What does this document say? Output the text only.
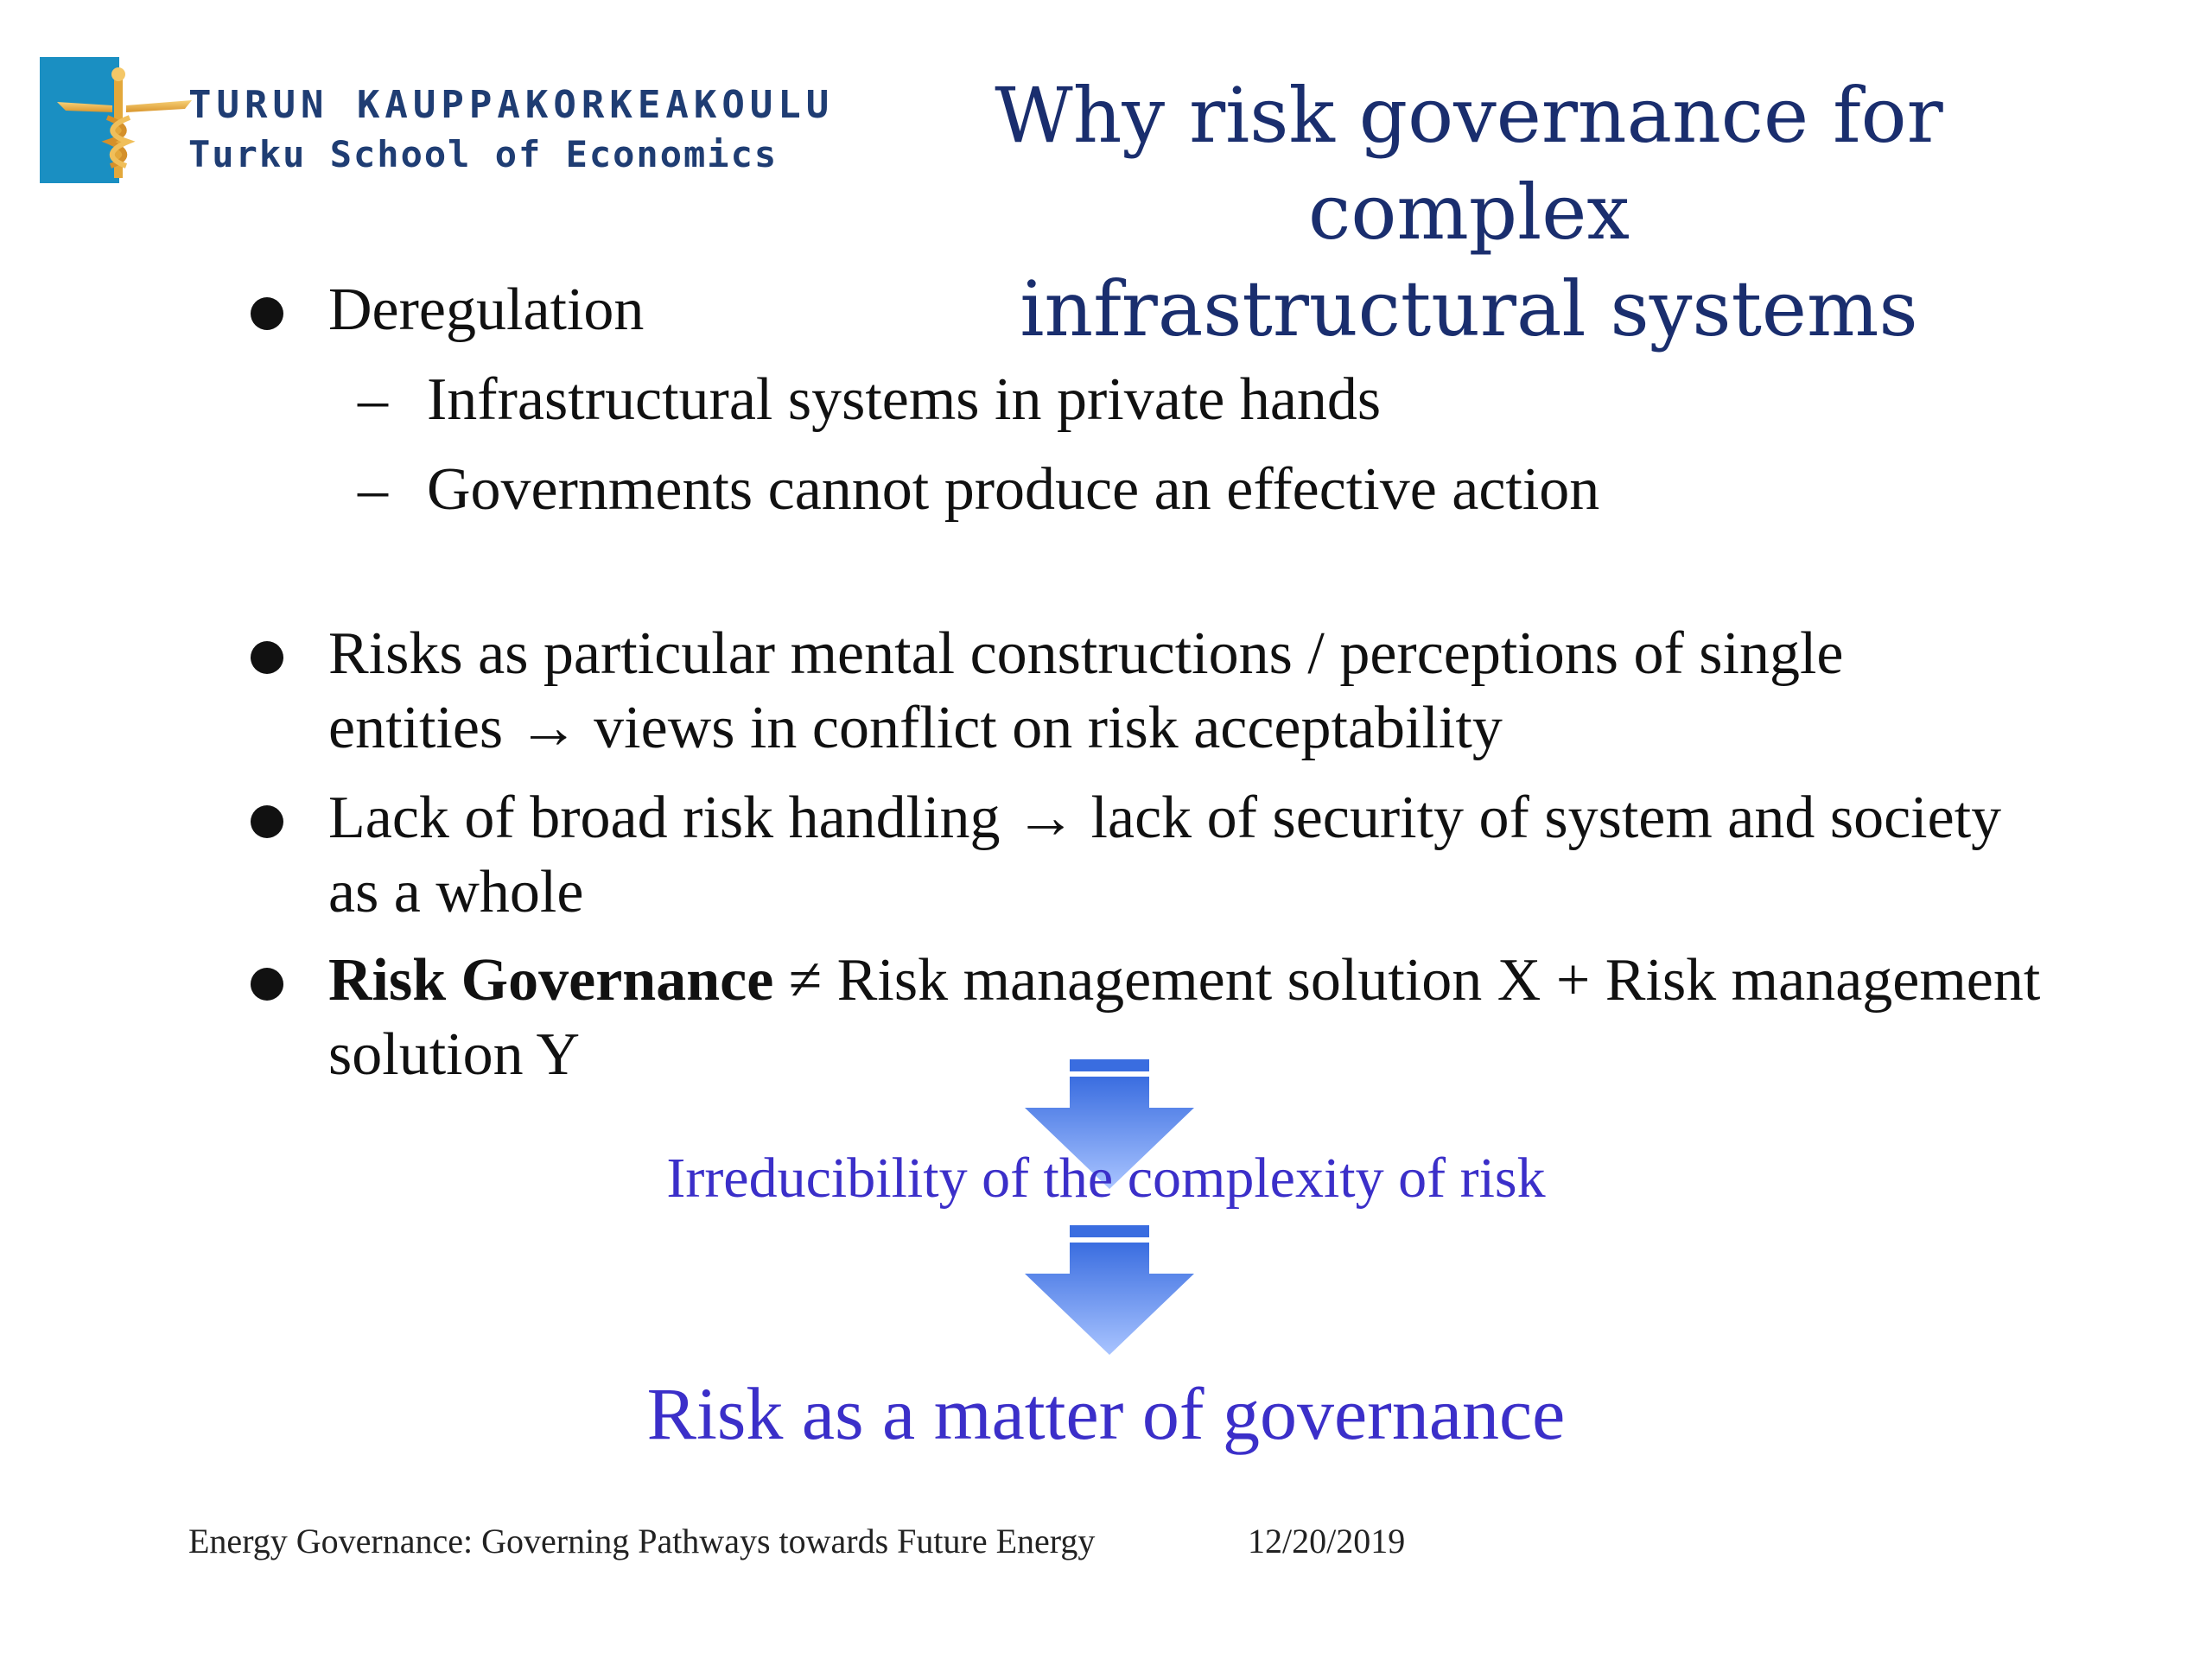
TURUN KAUPPAKORKEAKOULU
Turku School of Economics	Why risk governance for complex
infrastructural systems
Deregulation
– Infrastructural systems in private hands
– Governments cannot produce an effective action
Risks as particular mental constructions / perceptions of single
entities → views in conflict on risk acceptability
Lack of broad risk handling → lack of security of system and society
as a whole
Risk Governance ≠ Risk management solution X + Risk management
solution Y
Irreducibility of the complexity of risk
Risk as a matter of governance
Energy Governance: Governing Pathways towards Future Energy	12/20/2019
